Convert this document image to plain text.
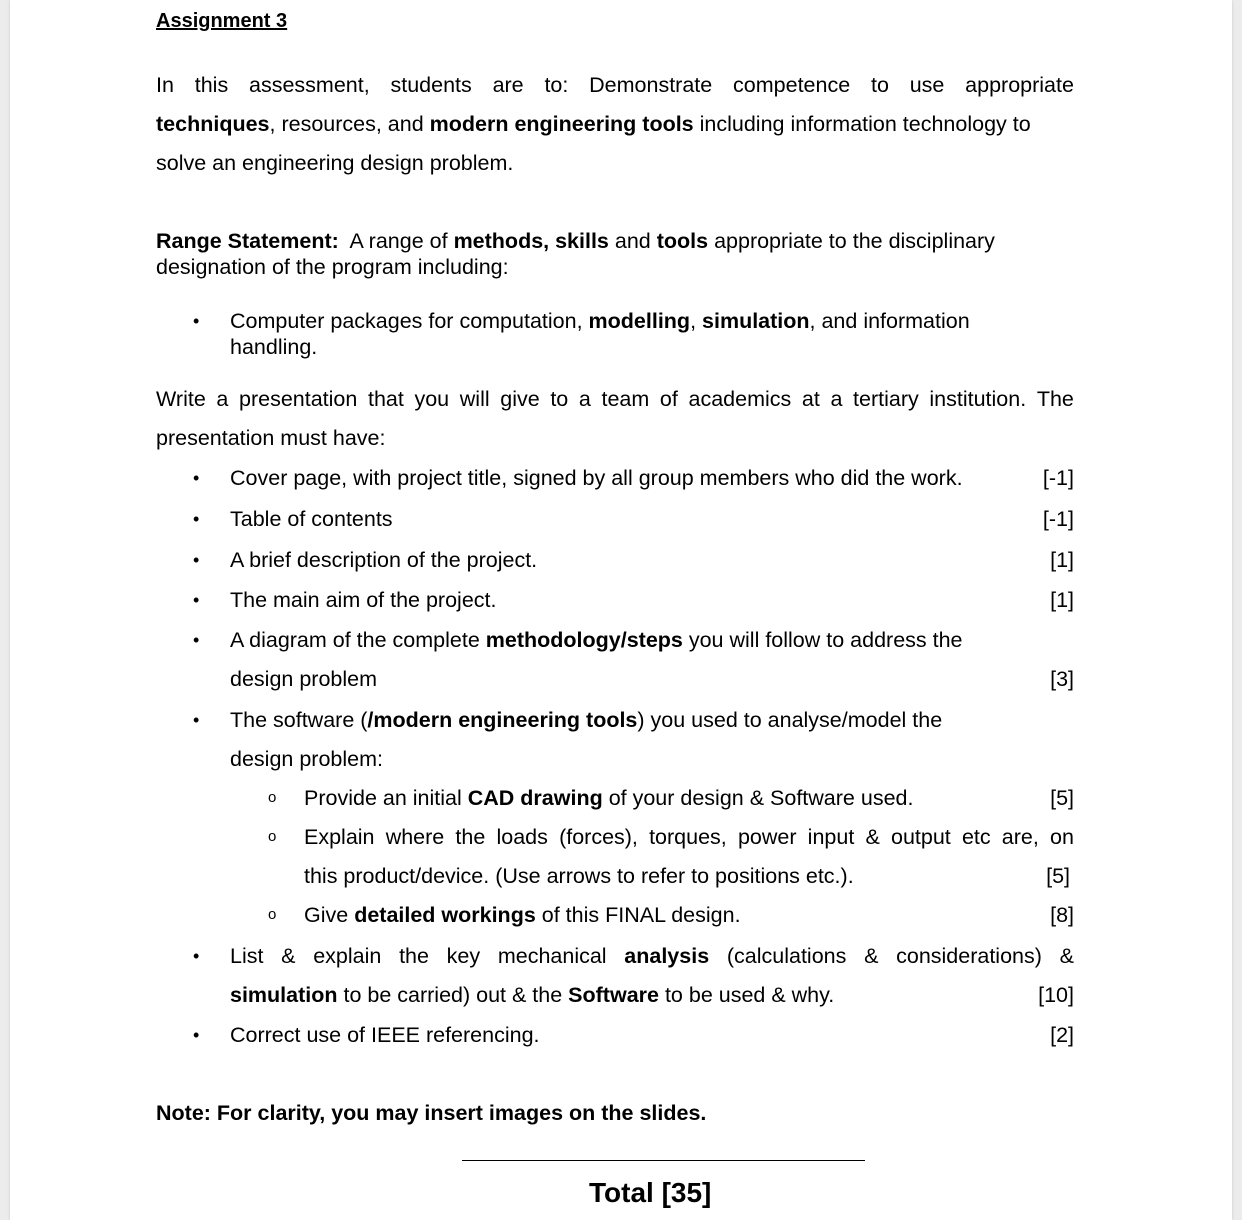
Assignment 3
In this assessment, students are to: Demonstrate competence to use appropriate
techniques, resources, and modern engineering tools including information technology to
solve an engineering design problem.
Range Statement:  A range of methods, skills and tools appropriate to the disciplinary
designation of the program including:
• Computer packages for computation, modelling, simulation, and information
handling.
Write a presentation that you will give to a team of academics at a tertiary institution. The
presentation must have:
• Cover page, with project title, signed by all group members who did the work.	[-1]
• Table of contents	[-1]
• A brief description of the project.	[1]
• The main aim of the project.	[1]
• A diagram of the complete methodology/steps you will follow to address the
design problem	[3]
• The software (/modern engineering tools) you used to analyse/model the
design problem:
o Provide an initial CAD drawing of your design & Software used.	[5]
o Explain where the loads (forces), torques, power input & output etc are, on
this product/device. (Use arrows to refer to positions etc.).	[5]
o Give detailed workings of this FINAL design.	[8]
• List & explain the key mechanical analysis (calculations & considerations) &
simulation to be carried) out & the Software to be used & why.	[10]
• Correct use of IEEE referencing.	[2]
Note: For clarity, you may insert images on the slides.
Total [35]
